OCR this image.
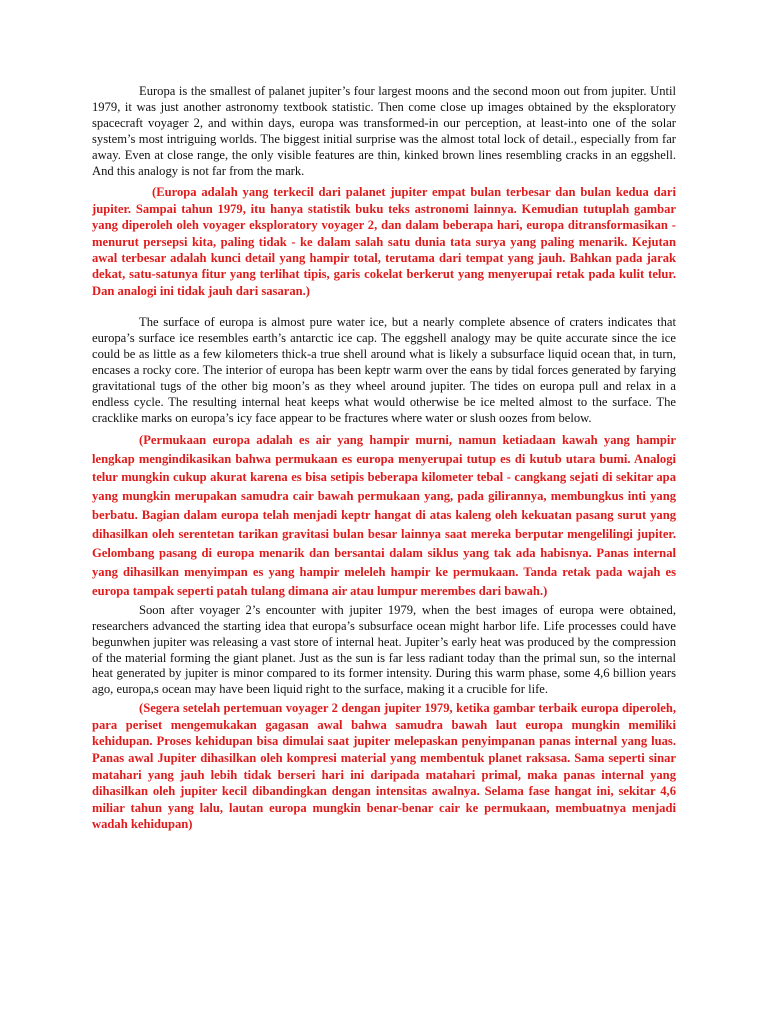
Europa is the smallest of palanet jupiter’s four largest moons and the second moon out from jupiter. Until 1979, it was just another astronomy textbook statistic. Then come close up images obtained by the eksploratory spacecraft voyager 2, and within days, europa was transformed-in our perception, at least-into one of the solar system’s most intriguing worlds. The biggest initial surprise was the almost total lock of detail., especially from far away. Even at close range, the only visible features are thin, kinked brown lines resembling cracks in an eggshell. And this analogy is not far from the mark.

(Europa adalah yang terkecil dari palanet jupiter empat bulan terbesar dan bulan kedua dari jupiter. Sampai tahun 1979, itu hanya statistik buku teks astronomi lainnya. Kemudian tutuplah gambar yang diperoleh oleh voyager eksploratory voyager 2, dan dalam beberapa hari, europa ditransformasikan - menurut persepsi kita, paling tidak - ke dalam salah satu dunia tata surya yang paling menarik. Kejutan awal terbesar adalah kunci detail yang hampir total, terutama dari tempat yang jauh. Bahkan pada jarak dekat, satu-satunya fitur yang terlihat tipis, garis cokelat berkerut yang menyerupai retak pada kulit telur. Dan analogi ini tidak jauh dari sasaran.)

The surface of europa is almost pure water ice, but a nearly complete absence of craters indicates that europa’s surface ice resembles earth’s antarctic ice cap. The eggshell analogy may be quite accurate since the ice could be as little as a few kilometers thick-a true shell around what is likely a subsurface liquid ocean that, in turn, encases a rocky core. The interior of europa has been keptr warm over the eans by tidal forces generated by farying gravitational tugs of the other big moon’s as they wheel around jupiter. The tides on europa pull and relax in a endless cycle. The resulting internal heat keeps what would otherwise be ice melted almost to the surface. The cracklike marks on europa’s icy face appear to be fractures where water or slush oozes from below.

(Permukaan europa adalah es air yang hampir murni, namun ketiadaan kawah yang hampir lengkap mengindikasikan bahwa permukaan es europa menyerupai tutup es di kutub utara bumi. Analogi telur mungkin cukup akurat karena es bisa setipis beberapa kilometer tebal - cangkang sejati di sekitar apa yang mungkin merupakan samudra cair bawah permukaan yang, pada gilirannya, membungkus inti yang berbatu. Bagian dalam europa telah menjadi keptr hangat di atas kaleng oleh kekuatan pasang surut yang dihasilkan oleh serentetan tarikan gravitasi bulan besar lainnya saat mereka berputar mengelilingi jupiter. Gelombang pasang di europa menarik dan bersantai dalam siklus yang tak ada habisnya. Panas internal yang dihasilkan menyimpan es yang hampir meleleh hampir ke permukaan. Tanda retak pada wajah es europa tampak seperti patah tulang dimana air atau lumpur merembes dari bawah.)

Soon after voyager 2’s encounter with jupiter 1979, when the best images of europa were obtained, researchers advanced the starting idea that europa’s subsurface ocean might harbor life. Life processes could have begunwhen jupiter was releasing a vast store of internal heat. Jupiter’s early heat was produced by the compression of the material forming the giant planet. Just as the sun is far less radiant today than the primal sun, so the internal heat generated by jupiter is minor compared to its former intensity. During this warm phase, some 4,6 billion years ago, europa,s ocean may have been liquid right to the surface, making it a crucible for life.

(Segera setelah pertemuan voyager 2 dengan jupiter 1979, ketika gambar terbaik europa diperoleh, para periset mengemukakan gagasan awal bahwa samudra bawah laut europa mungkin memiliki kehidupan. Proses kehidupan bisa dimulai saat jupiter melepaskan penyimpanan panas internal yang luas. Panas awal Jupiter dihasilkan oleh kompresi material yang membentuk planet raksasa. Sama seperti sinar matahari yang jauh lebih tidak berseri hari ini daripada matahari primal, maka panas internal yang dihasilkan oleh jupiter kecil dibandingkan dengan intensitas awalnya. Selama fase hangat ini, sekitar 4,6 miliar tahun yang lalu, lautan europa mungkin benar-benar cair ke permukaan, membuatnya menjadi wadah kehidupan)
